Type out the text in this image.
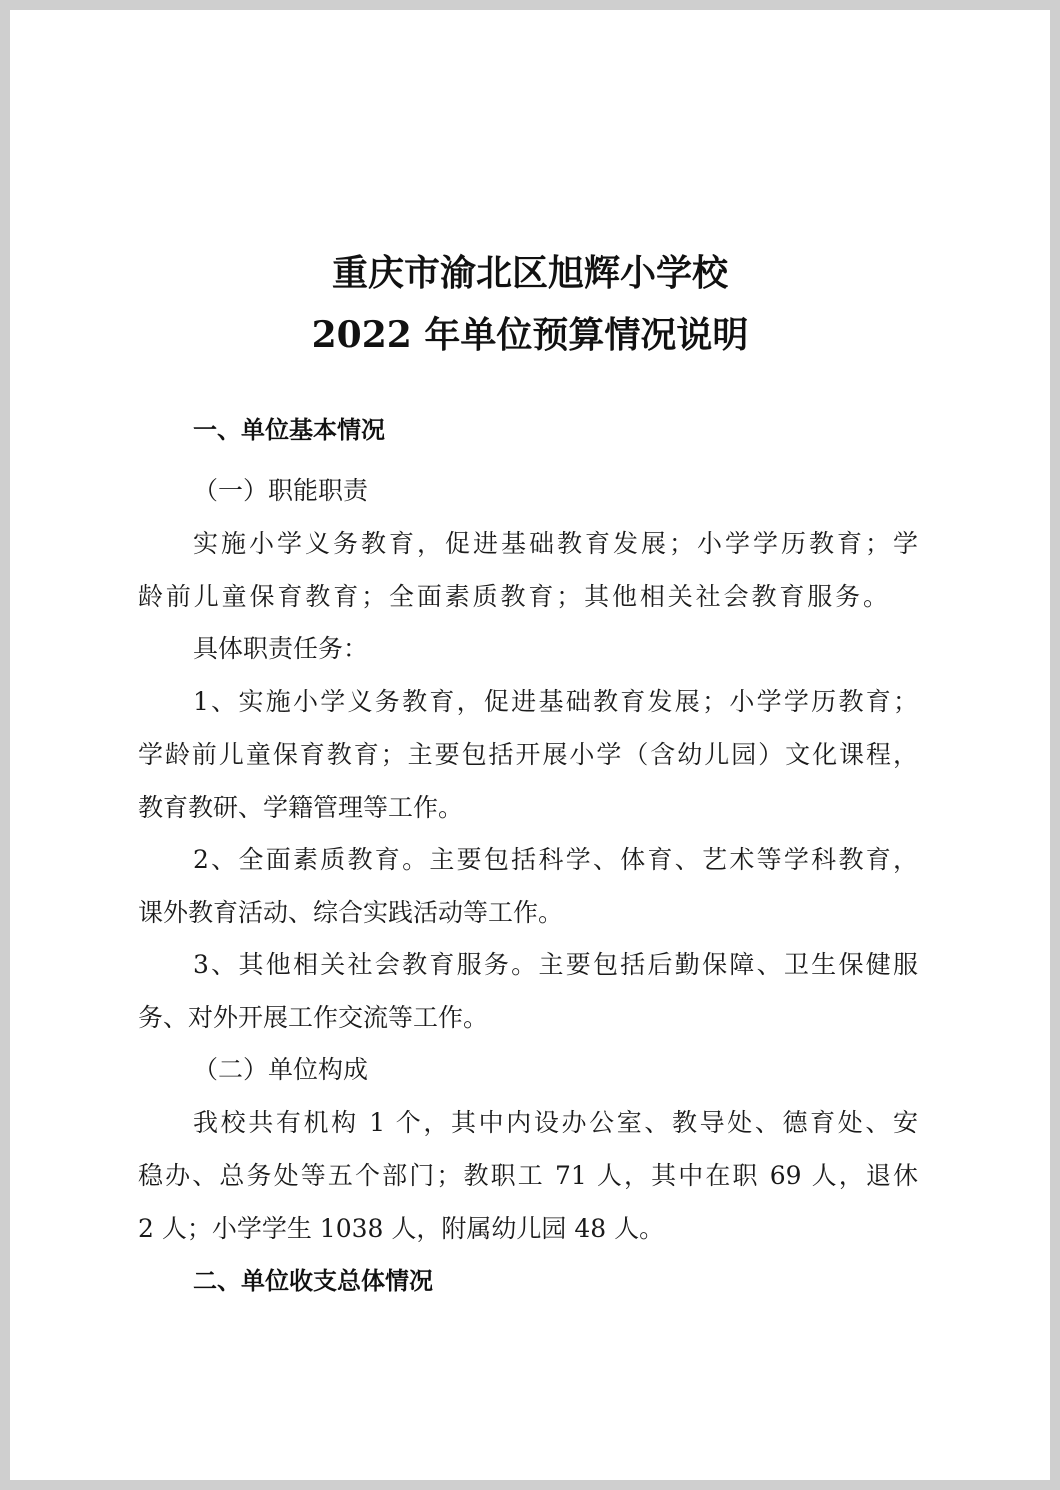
重庆市渝北区旭辉小学校
2022 年单位预算情况说明

一、单位基本情况

（一）职能职责

实施小学义务教育，促进基础教育发展；小学学历教育；学

龄前儿童保育教育；全面素质教育；其他相关社会教育服务。

具体职责任务：

1、实施小学义务教育，促进基础教育发展；小学学历教育；

学龄前儿童保育教育；主要包括开展小学（含幼儿园）文化课程，

教育教研、学籍管理等工作。

2、全面素质教育。主要包括科学、体育、艺术等学科教育，

课外教育活动、综合实践活动等工作。

3、其他相关社会教育服务。主要包括后勤保障、卫生保健服

务、对外开展工作交流等工作。

（二）单位构成

我校共有机构 1 个，其中内设办公室、教导处、德育处、安

稳办、总务处等五个部门；教职工 71 人，其中在职 69 人，退休

2 人；小学学生 1038 人，附属幼儿园 48 人。

二、单位收支总体情况
